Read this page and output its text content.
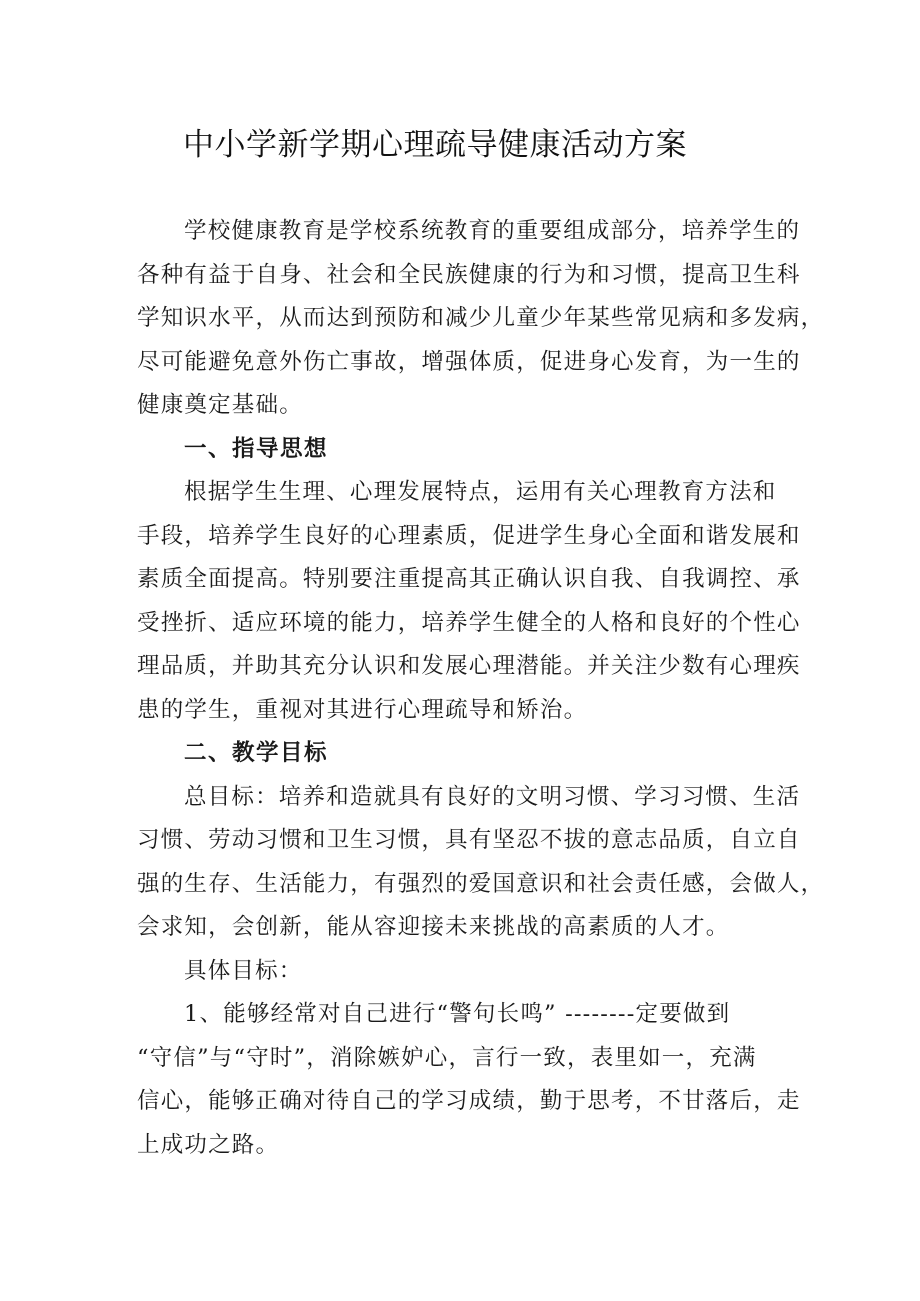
中小学新学期心理疏导健康活动方案

学校健康教育是学校系统教育的重要组成部分，培养学生的
各种有益于自身、社会和全民族健康的行为和习惯，提高卫生科
学知识水平，从而达到预防和减少儿童少年某些常见病和多发病，
尽可能避免意外伤亡事故，增强体质，促进身心发育，为一生的
健康奠定基础。

一、指导思想

根据学生生理、心理发展特点，运用有关心理教育方法和
手段，培养学生良好的心理素质，促进学生身心全面和谐发展和
素质全面提高。特别要注重提高其正确认识自我、自我调控、承
受挫折、适应环境的能力，培养学生健全的人格和良好的个性心
理品质，并助其充分认识和发展心理潜能。并关注少数有心理疾
患的学生，重视对其进行心理疏导和矫治。

二、教学目标

总目标：培养和造就具有良好的文明习惯、学习习惯、生活
习惯、劳动习惯和卫生习惯，具有坚忍不拔的意志品质，自立自
强的生存、生活能力，有强烈的爱国意识和社会责任感，会做人，
会求知，会创新，能从容迎接未来挑战的高素质的人才。

具体目标：

1、能够经常对自己进行“警句长鸣” --------定要做到
“守信”与“守时”，消除嫉妒心，言行一致，表里如一，充满
信心，能够正确对待自己的学习成绩，勤于思考，不甘落后，走
上成功之路。
